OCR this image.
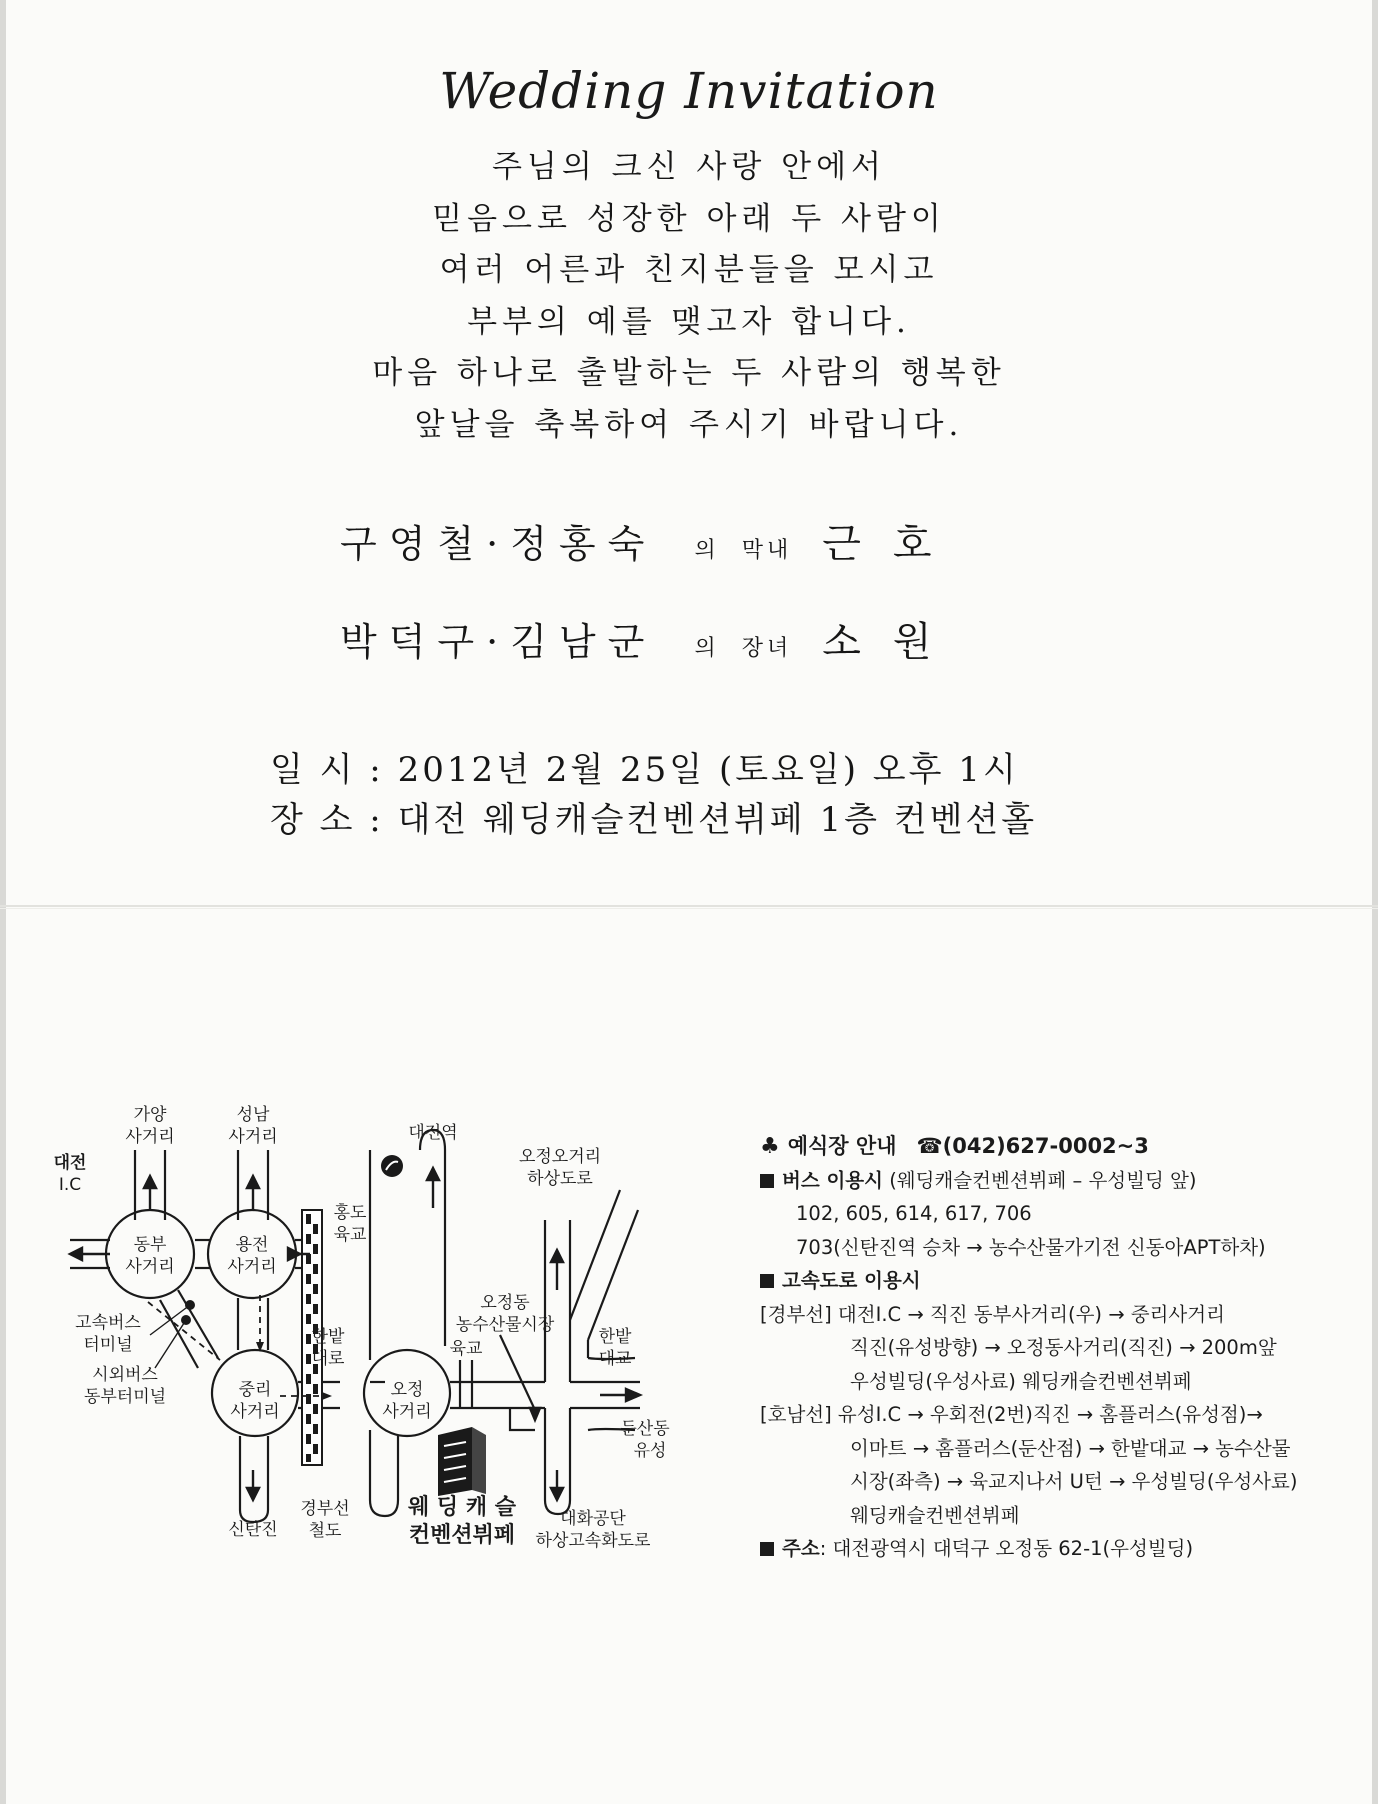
Wedding Invitation
주님의 크신 사랑 안에서
믿음으로 성장한 아래 두 사람이
여러 어른과 친지분들을 모시고
부부의 예를 맺고자 합니다.
마음 하나로 출발하는 두 사람의 행복한
앞날을 축복하여 주시기 바랍니다.
구영철·정홍숙 의 막내 근호
박덕구·김남군 의 장녀 소원
일 시 : 2012년 2월 25일 (토요일) 오후 1시
장 소 : 대전 웨딩캐슬컨벤션뷔페 1층 컨벤션홀
가양
사거리
성남
사거리	대전역
대전
I.C
동부
사거리
용전
사거리
홍도
육교
오정오거리
하상도로
고속버스
터미널
시외버스
동부터미널
한밭
대로
오정동
농수산물시장
육교
한밭
대교
중리
사거리
오정
사거리
둔산동
유성
신탄진
경부선
철도
대화공단
하상고속화도로
웨 딩 캐 슬
컨벤션뷔페
♣ 예식장 안내 ☎(042)627-0002~3
버스 이용시 (웨딩캐슬컨벤션뷔페 – 우성빌딩 앞)
102, 605, 614, 617, 706
703(신탄진역 승차 → 농수산물가기전 신동아APT하차)
고속도로 이용시
[경부선] 대전I.C → 직진 동부사거리(우) → 중리사거리
직진(유성방향) → 오정동사거리(직진) → 200m앞
우성빌딩(우성사료) 웨딩캐슬컨벤션뷔페
[호남선] 유성I.C → 우회전(2번)직진 → 홈플러스(유성점)→
이마트 → 홈플러스(둔산점) → 한밭대교 → 농수산물
시장(좌측) → 육교지나서 U턴 → 우성빌딩(우성사료)
웨딩캐슬컨벤션뷔페
주소: 대전광역시 대덕구 오정동 62-1(우성빌딩)
